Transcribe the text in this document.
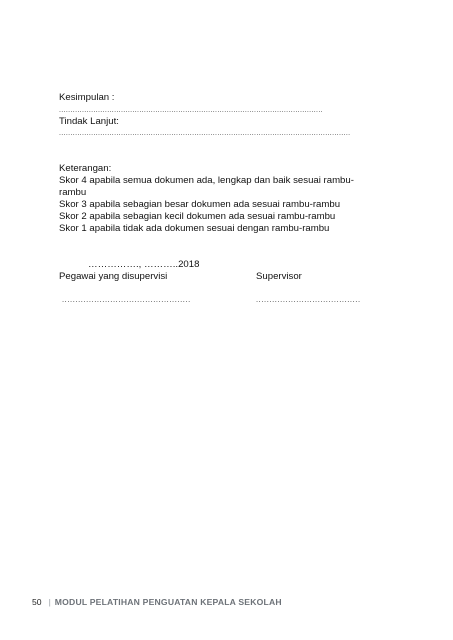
Kesimpulan :
...................................................................................................................
Tindak Lanjut:
...............................................................................................................................
Keterangan:
Skor 4 apabila semua dokumen ada, lengkap dan baik sesuai rambu-
rambu
Skor 3 apabila sebagian besar dokumen ada sesuai rambu-rambu
Skor 2 apabila sebagian kecil dokumen ada sesuai rambu-rambu
Skor 1 apabila tidak ada dokumen sesuai dengan rambu-rambu
……………., ………..2018
Pegawai yang disupervisi	Supervisor
................................................	.......................................
50 | MODUL PELATIHAN PENGUATAN KEPALA SEKOLAH
